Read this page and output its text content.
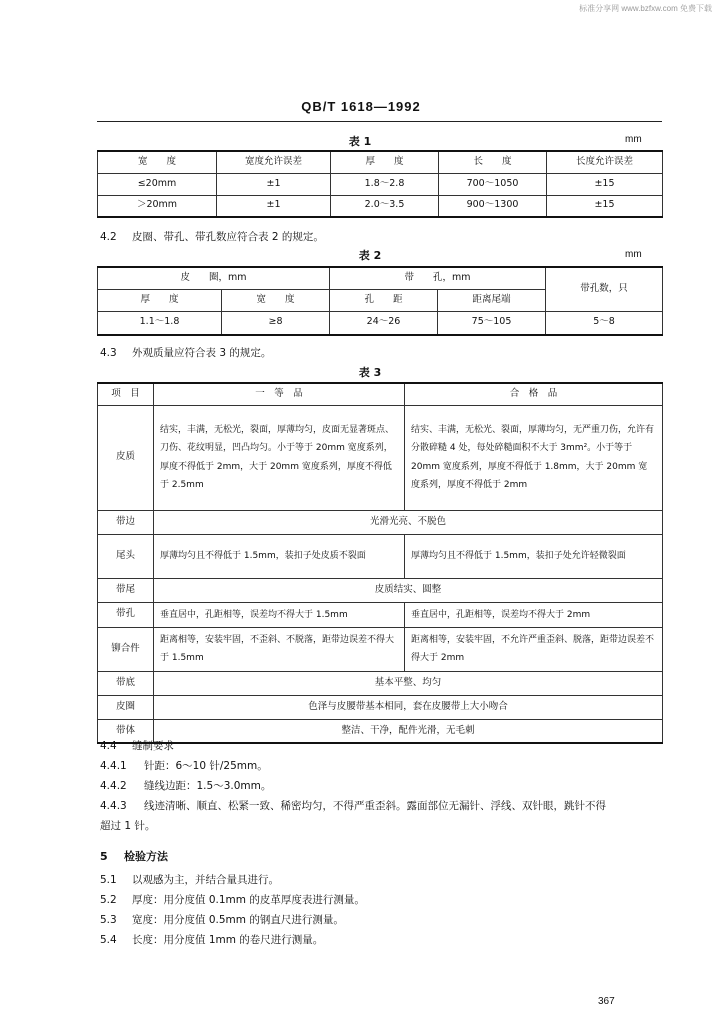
标准分享网 www.bzfxw.com 免费下载
QB/T 1618—1992
表 1	mm
宽　　度	宽度允许误差	厚　　度	长　　度	长度允许误差
≤20mm	±1	1.8～2.8	700～1050	±15
＞20mm	±1	2.0～3.5	900～1300	±15
4.2 皮圈、带孔、带孔数应符合表 2 的规定。
表 2	mm
皮　　圈，mm		带　　孔，mm		带孔数，只
厚　　度	宽　　度	孔　　距	距离尾端	
1.1～1.8	≥8	24～26	75～105	5～8
4.3 外观质量应符合表 3 的规定。
表 3
项　目	一　等　品	合　格　品
皮质	结实，丰满，无松光，裂面，厚薄均匀，皮面无显著斑点、刀伤、花纹明显，凹凸均匀。小于等于 20mm 宽度系列，厚度不得低于 2mm，大于 20mm 宽度系列，厚度不得低于 2.5mm	结实、丰满，无松光、裂面，厚薄均匀，无严重刀伤，允许有分散碎糙 4 处，每处碎糙面积不大于 3mm²。小于等于 20mm 宽度系列，厚度不得低于 1.8mm，大于 20mm 宽度系列，厚度不得低于 2mm
带边	光滑光亮、不脱色	
尾头	厚薄均匀且不得低于 1.5mm，装扣子处皮质不裂面	厚薄均匀且不得低于 1.5mm，装扣子处允许轻微裂面
带尾	皮质结实、圆整	
带孔	垂直居中，孔距相等，误差均不得大于 1.5mm	垂直居中，孔距相等，误差均不得大于 2mm
铆合件	距离相等，安装牢固，不歪斜、不脱落，距带边误差不得大于 1.5mm	距离相等，安装牢固，不允许严重歪斜、脱落，距带边误差不得大于 2mm
带底	基本平整、均匀	
皮圈	色泽与皮腰带基本相同，套在皮腰带上大小吻合	
带体	整洁、干净，配件光滑，无毛刺	
4.4 缝制要求
4.4.1 针距：6～10 针/25mm。
4.4.2 缝线边距：1.5～3.0mm。
4.4.3 线迹清晰、顺直、松紧一致、稀密均匀，不得严重歪斜。露面部位无漏针、浮线、双针眼，跳针不得
超过 1 针。
5 检验方法
5.1 以观感为主，并结合量具进行。
5.2 厚度：用分度值 0.1mm 的皮革厚度表进行测量。
5.3 宽度：用分度值 0.5mm 的钢直尺进行测量。
5.4 长度：用分度值 1mm 的卷尺进行测量。
367
